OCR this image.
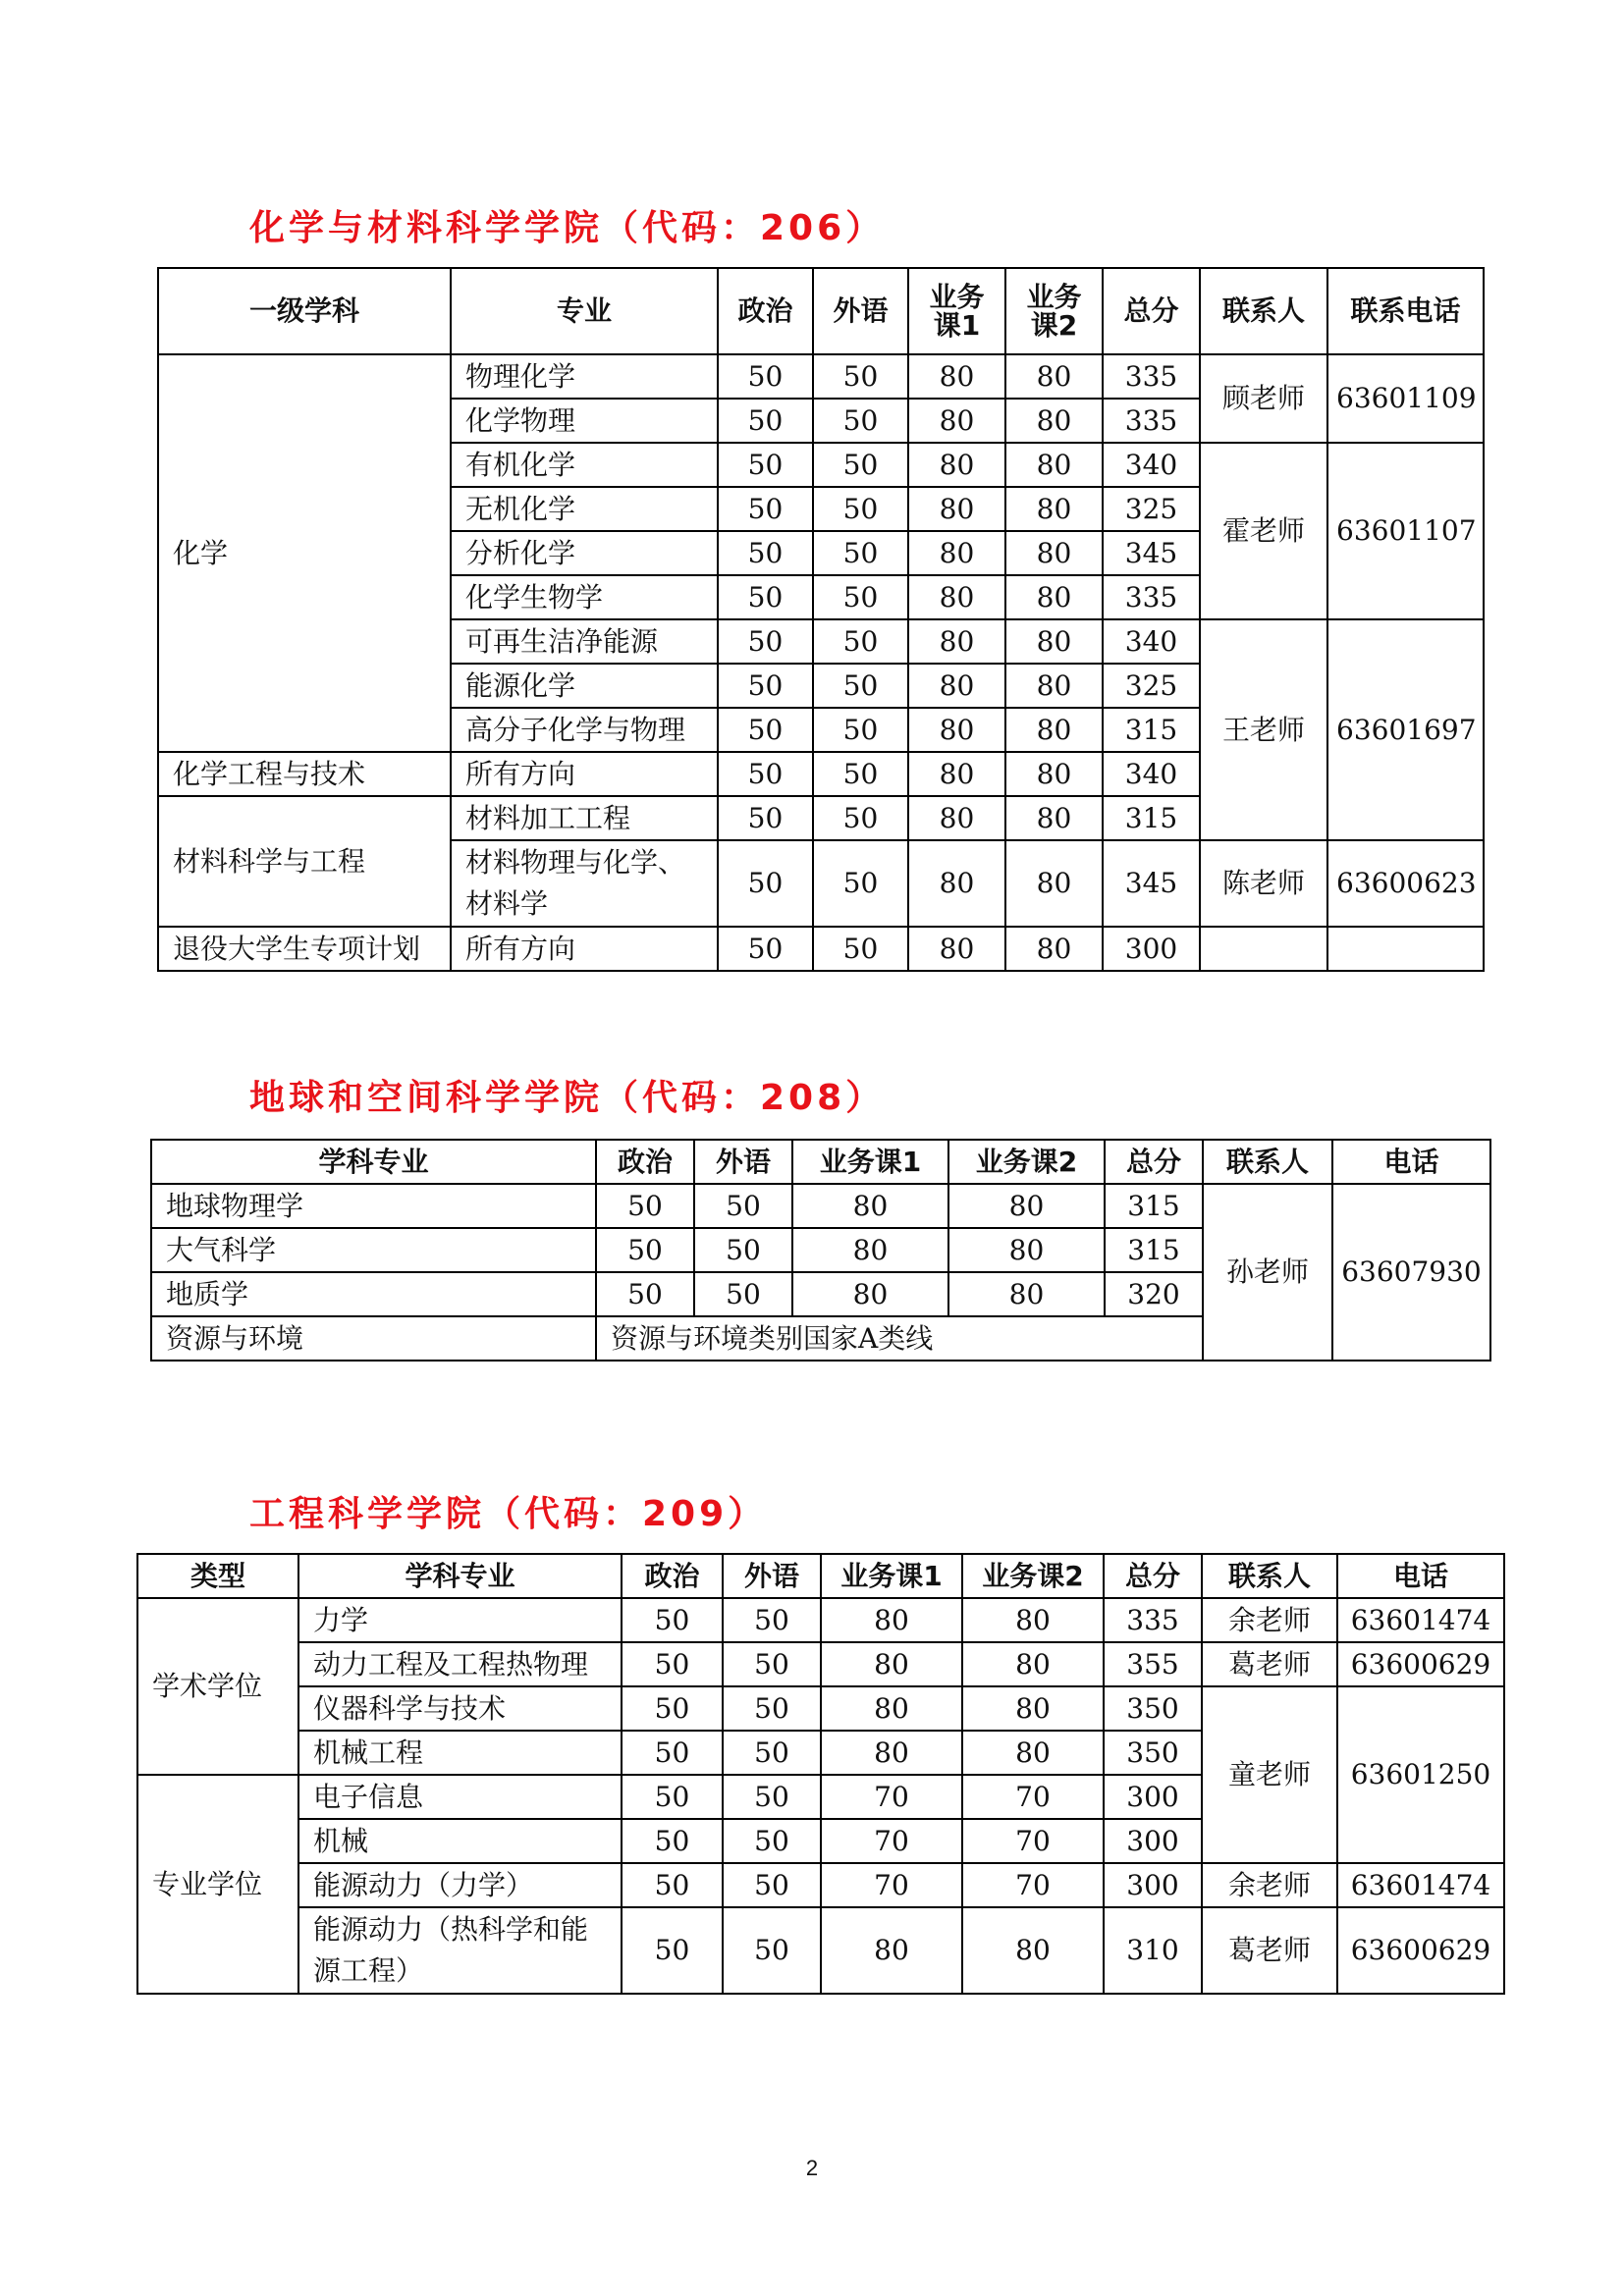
化学与材料科学学院（代码：206）
一级学科	专业	政治	外语	业务课1	业务课2	总分	联系人	联系电话
化学	物理化学	50	50	80	80	335	顾老师	63601109
	化学物理	50	50	80	80	335		
	有机化学	50	50	80	80	340	霍老师	63601107
	无机化学	50	50	80	80	325		
	分析化学	50	50	80	80	345		
	化学生物学	50	50	80	80	335		
	可再生洁净能源	50	50	80	80	340	王老师	63601697
	能源化学	50	50	80	80	325		
	高分子化学与物理	50	50	80	80	315		
化学工程与技术	所有方向	50	50	80	80	340		
材料科学与工程	材料加工工程	50	50	80	80	315		
	材料物理与化学、材料学	50	50	80	80	345	陈老师	63600623
退役大学生专项计划	所有方向	50	50	80	80	300		
地球和空间科学学院（代码：208）
学科专业	政治	外语	业务课1	业务课2	总分	联系人	电话
地球物理学	50	50	80	80	315	孙老师	63607930
大气科学	50	50	80	80	315		
地质学	50	50	80	80	320		
资源与环境	资源与环境类别国家A类线						
工程科学学院（代码：209）
类型	学科专业	政治	外语	业务课1	业务课2	总分	联系人	电话
学术学位	力学	50	50	80	80	335	余老师	63601474
	动力工程及工程热物理	50	50	80	80	355	葛老师	63600629
	仪器科学与技术	50	50	80	80	350	童老师	63601250
	机械工程	50	50	80	80	350		
专业学位	电子信息	50	50	70	70	300		
	机械	50	50	70	70	300		
	能源动力（力学）	50	50	70	70	300	余老师	63601474
	能源动力（热科学和能源工程）	50	50	80	80	310	葛老师	63600629
2
